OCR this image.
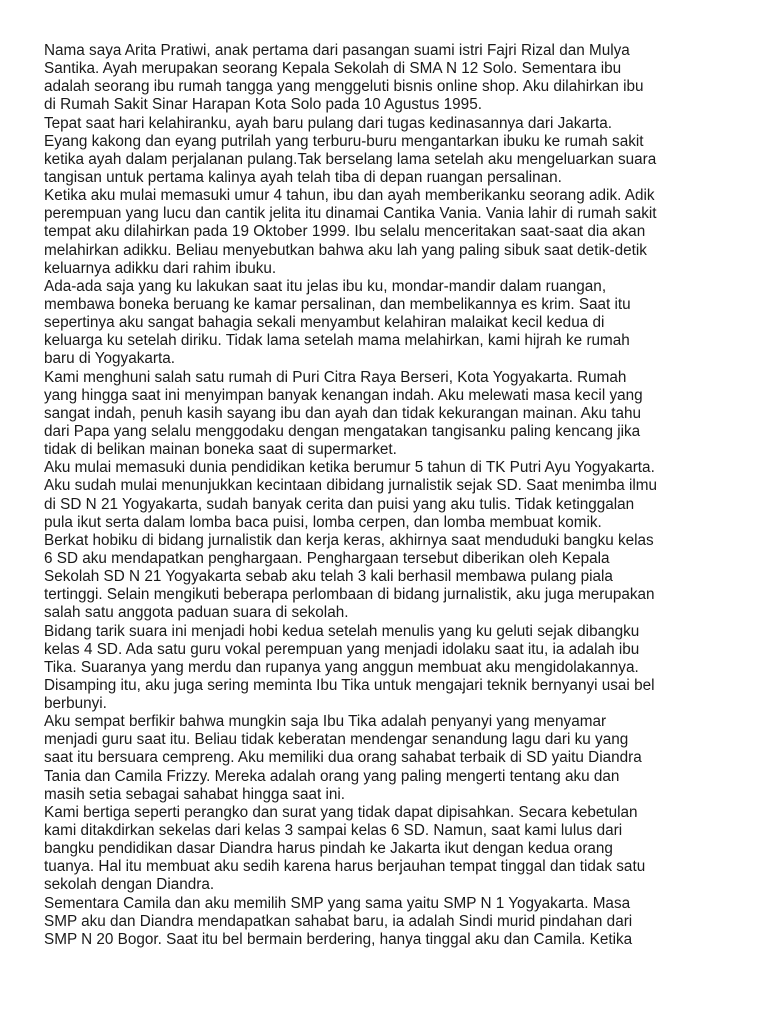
Nama saya Arita Pratiwi, anak pertama dari pasangan suami istri Fajri Rizal dan Mulya
Santika. Ayah merupakan seorang Kepala Sekolah di SMA N 12 Solo. Sementara ibu
adalah seorang ibu rumah tangga yang menggeluti bisnis online shop. Aku dilahirkan ibu
di Rumah Sakit Sinar Harapan Kota Solo pada 10 Agustus 1995.
Tepat saat hari kelahiranku, ayah baru pulang dari tugas kedinasannya dari Jakarta.
Eyang kakong dan eyang putrilah yang terburu-buru mengantarkan ibuku ke rumah sakit
ketika ayah dalam perjalanan pulang.Tak berselang lama setelah aku mengeluarkan suara
tangisan untuk pertama kalinya ayah telah tiba di depan ruangan persalinan.
Ketika aku mulai memasuki umur 4 tahun, ibu dan ayah memberikanku seorang adik. Adik
perempuan yang lucu dan cantik jelita itu dinamai Cantika Vania. Vania lahir di rumah sakit
tempat aku dilahirkan pada 19 Oktober 1999. Ibu selalu menceritakan saat-saat dia akan
melahirkan adikku. Beliau menyebutkan bahwa aku lah yang paling sibuk saat detik-detik
keluarnya adikku dari rahim ibuku.
Ada-ada saja yang ku lakukan saat itu jelas ibu ku, mondar-mandir dalam ruangan,
membawa boneka beruang ke kamar persalinan, dan membelikannya es krim. Saat itu
sepertinya aku sangat bahagia sekali menyambut kelahiran malaikat kecil kedua di
keluarga ku setelah diriku. Tidak lama setelah mama melahirkan, kami hijrah ke rumah
baru di Yogyakarta.
Kami menghuni salah satu rumah di Puri Citra Raya Berseri, Kota Yogyakarta. Rumah
yang hingga saat ini menyimpan banyak kenangan indah. Aku melewati masa kecil yang
sangat indah, penuh kasih sayang ibu dan ayah dan tidak kekurangan mainan. Aku tahu
dari Papa yang selalu menggodaku dengan mengatakan tangisanku paling kencang jika
tidak di belikan mainan boneka saat di supermarket.
Aku mulai memasuki dunia pendidikan ketika berumur 5 tahun di TK Putri Ayu Yogyakarta.
Aku sudah mulai menunjukkan kecintaan dibidang jurnalistik sejak SD. Saat menimba ilmu
di SD N 21 Yogyakarta, sudah banyak cerita dan puisi yang aku tulis. Tidak ketinggalan
pula ikut serta dalam lomba baca puisi, lomba cerpen, dan lomba membuat komik.
Berkat hobiku di bidang jurnalistik dan kerja keras, akhirnya saat menduduki bangku kelas
6 SD aku mendapatkan penghargaan. Penghargaan tersebut diberikan oleh Kepala
Sekolah SD N 21 Yogyakarta sebab aku telah 3 kali berhasil membawa pulang piala
tertinggi. Selain mengikuti beberapa perlombaan di bidang jurnalistik, aku juga merupakan
salah satu anggota paduan suara di sekolah.
Bidang tarik suara ini menjadi hobi kedua setelah menulis yang ku geluti sejak dibangku
kelas 4 SD. Ada satu guru vokal perempuan yang menjadi idolaku saat itu, ia adalah ibu
Tika. Suaranya yang merdu dan rupanya yang anggun membuat aku mengidolakannya.
Disamping itu, aku juga sering meminta Ibu Tika untuk mengajari teknik bernyanyi usai bel
berbunyi.
Aku sempat berfikir bahwa mungkin saja Ibu Tika adalah penyanyi yang menyamar
menjadi guru saat itu. Beliau tidak keberatan mendengar senandung lagu dari ku yang
saat itu bersuara cempreng. Aku memiliki dua orang sahabat terbaik di SD yaitu Diandra
Tania dan Camila Frizzy. Mereka adalah orang yang paling mengerti tentang aku dan
masih setia sebagai sahabat hingga saat ini.
Kami bertiga seperti perangko dan surat yang tidak dapat dipisahkan. Secara kebetulan
kami ditakdirkan sekelas dari kelas 3 sampai kelas 6 SD. Namun, saat kami lulus dari
bangku pendidikan dasar Diandra harus pindah ke Jakarta ikut dengan kedua orang
tuanya. Hal itu membuat aku sedih karena harus berjauhan tempat tinggal dan tidak satu
sekolah dengan Diandra.
Sementara Camila dan aku memilih SMP yang sama yaitu SMP N 1 Yogyakarta. Masa
SMP aku dan Diandra mendapatkan sahabat baru, ia adalah Sindi murid pindahan dari
SMP N 20 Bogor. Saat itu bel bermain berdering, hanya tinggal aku dan Camila. Ketika
